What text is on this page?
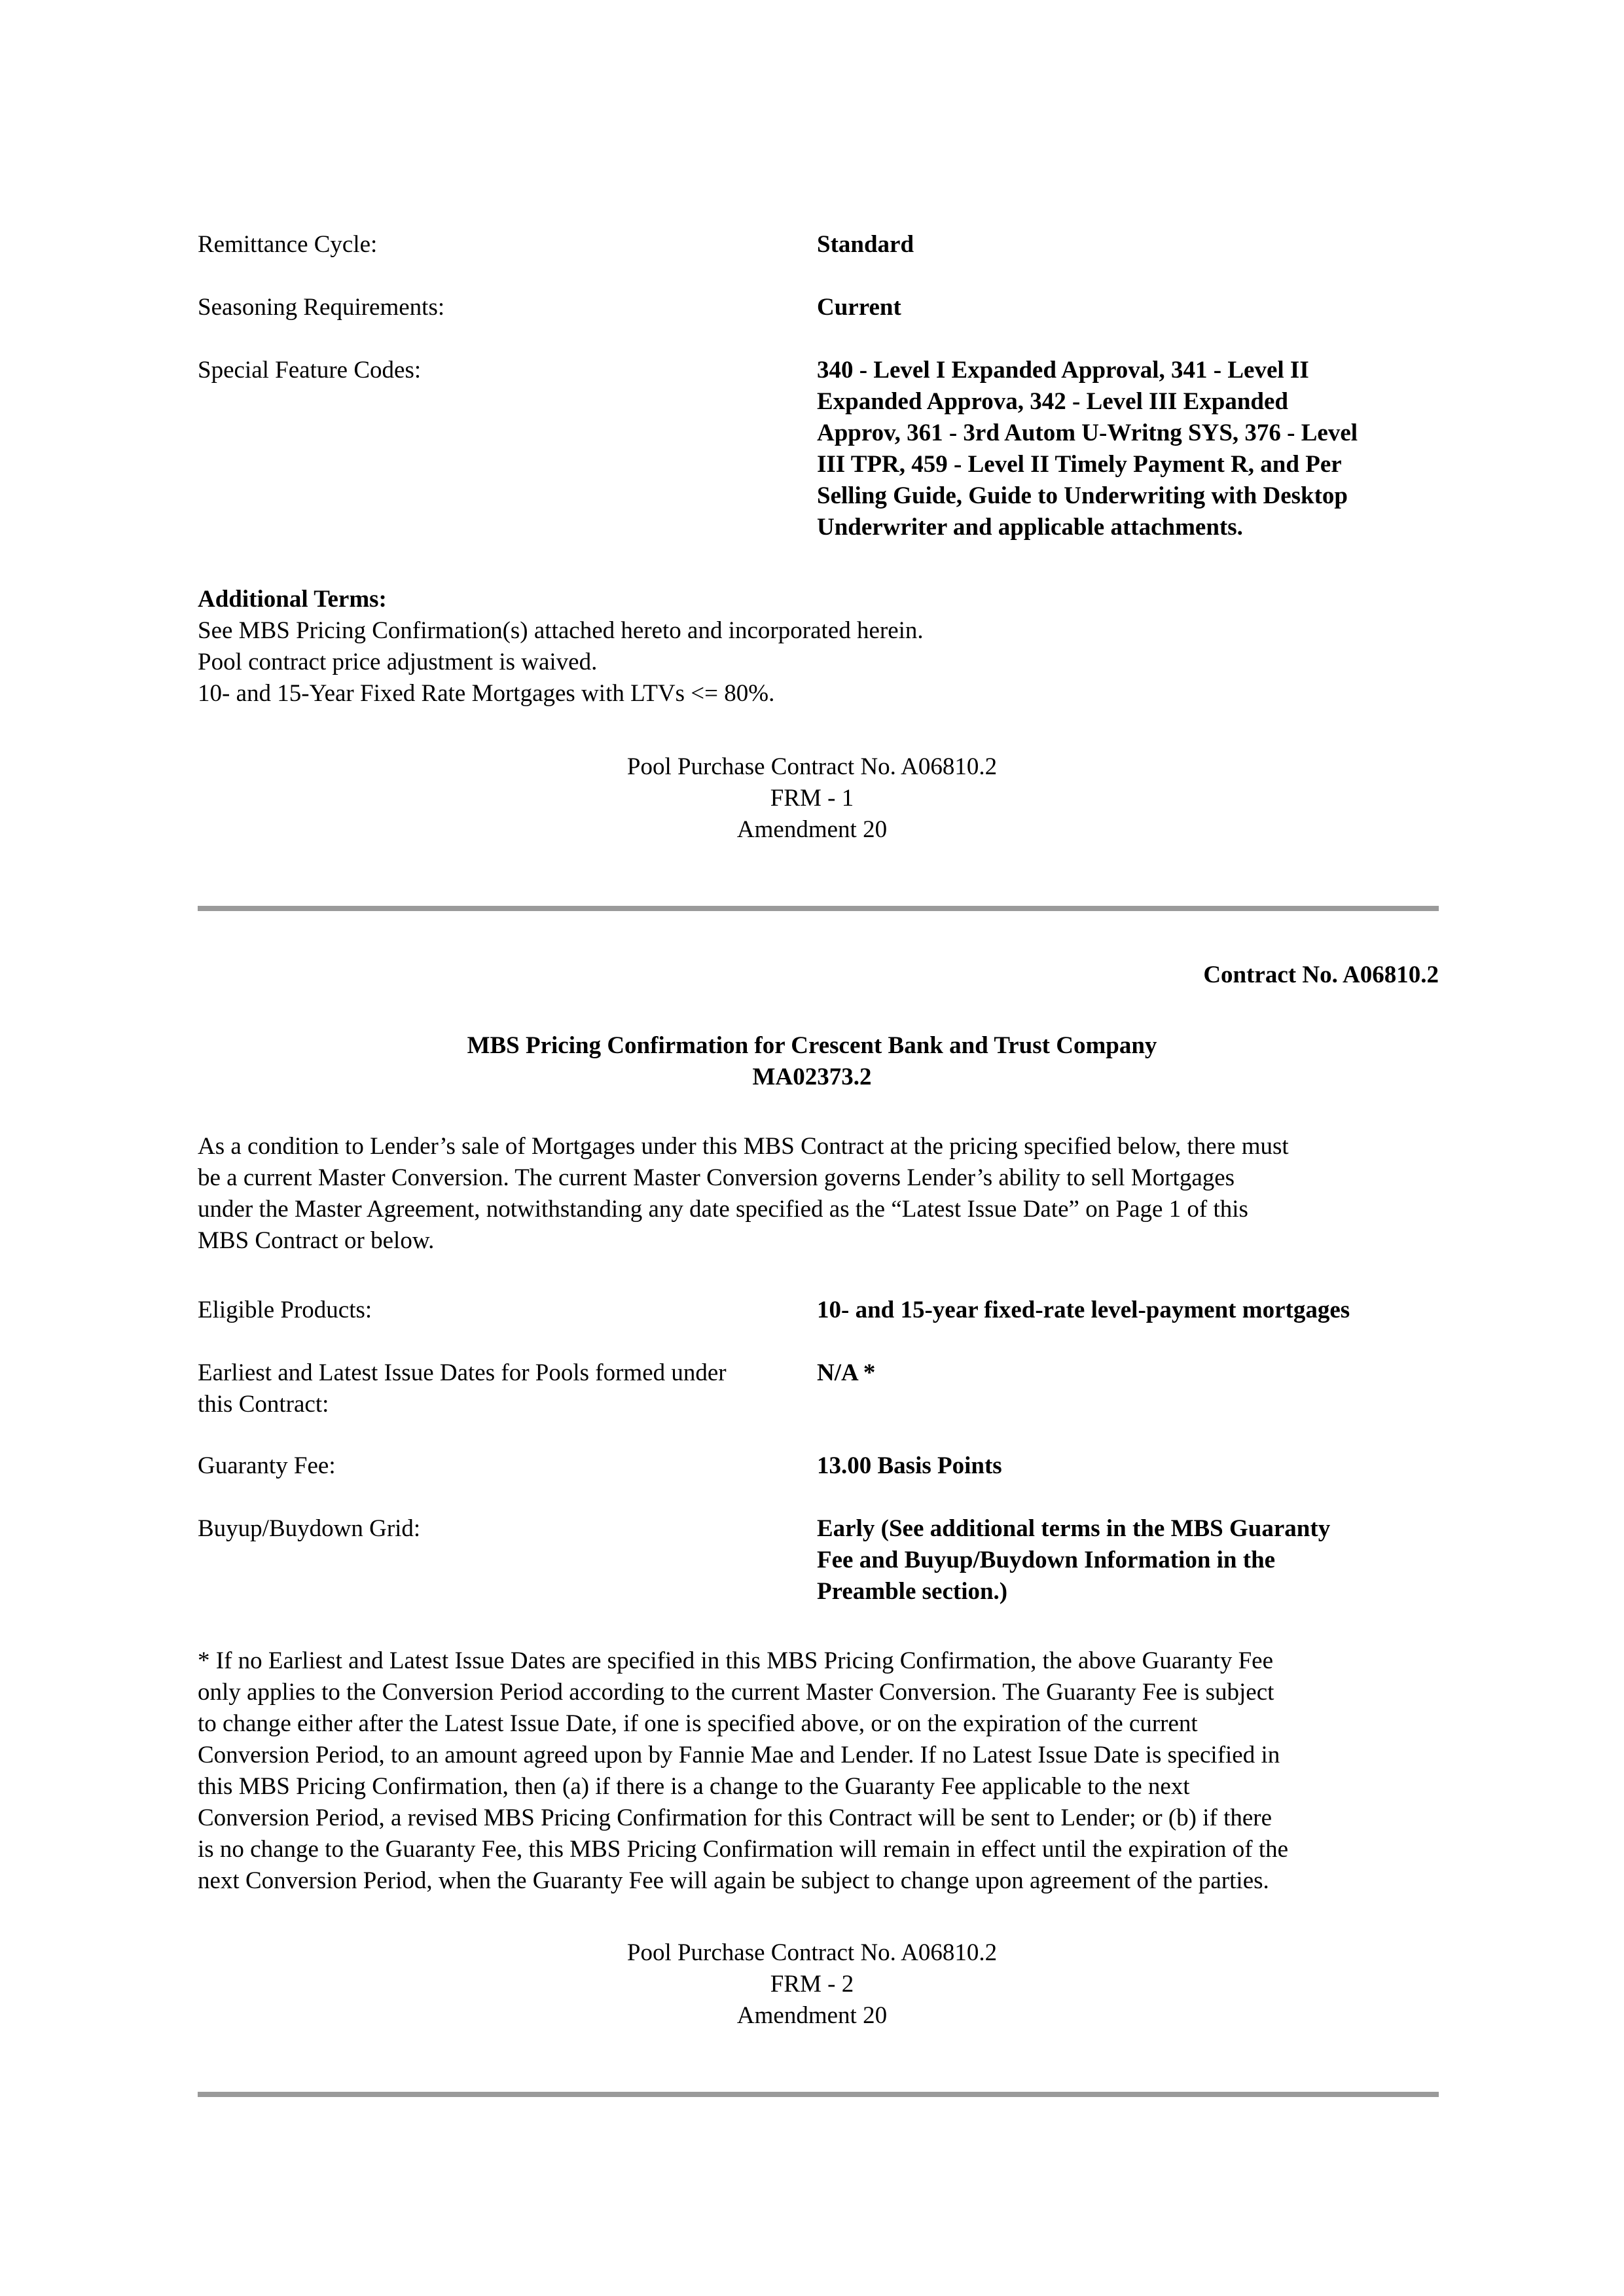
Remittance Cycle:	Standard
Seasoning Requirements:	Current
Special Feature Codes:	340 - Level I Expanded Approval, 341 - Level II
Expanded Approva, 342 - Level III Expanded
Approv, 361 - 3rd Autom U-Writng SYS, 376 - Level
III TPR, 459 - Level II Timely Payment R, and Per
Selling Guide, Guide to Underwriting with Desktop
Underwriter and applicable attachments.
Additional Terms:
See MBS Pricing Confirmation(s) attached hereto and incorporated herein.
Pool contract price adjustment is waived.
10- and 15-Year Fixed Rate Mortgages with LTVs <= 80%.
Pool Purchase Contract No. A06810.2
FRM - 1
Amendment 20
Contract No. A06810.2
MBS Pricing Confirmation for Crescent Bank and Trust Company
MA02373.2
As a condition to Lender’s sale of Mortgages under this MBS Contract at the pricing specified below, there must
be a current Master Conversion. The current Master Conversion governs Lender’s ability to sell Mortgages
under the Master Agreement, notwithstanding any date specified as the “Latest Issue Date” on Page 1 of this
MBS Contract or below.
Eligible Products:	10- and 15-year fixed-rate level-payment mortgages
Earliest and Latest Issue Dates for Pools formed under
this Contract:
N/A *
Guaranty Fee:	13.00 Basis Points
Buyup/Buydown Grid:	Early (See additional terms in the MBS Guaranty
Fee and Buyup/Buydown Information in the
Preamble section.)
* If no Earliest and Latest Issue Dates are specified in this MBS Pricing Confirmation, the above Guaranty Fee
only applies to the Conversion Period according to the current Master Conversion. The Guaranty Fee is subject
to change either after the Latest Issue Date, if one is specified above, or on the expiration of the current
Conversion Period, to an amount agreed upon by Fannie Mae and Lender. If no Latest Issue Date is specified in
this MBS Pricing Confirmation, then (a) if there is a change to the Guaranty Fee applicable to the next
Conversion Period, a revised MBS Pricing Confirmation for this Contract will be sent to Lender; or (b) if there
is no change to the Guaranty Fee, this MBS Pricing Confirmation will remain in effect until the expiration of the
next Conversion Period, when the Guaranty Fee will again be subject to change upon agreement of the parties.
Pool Purchase Contract No. A06810.2
FRM - 2
Amendment 20
